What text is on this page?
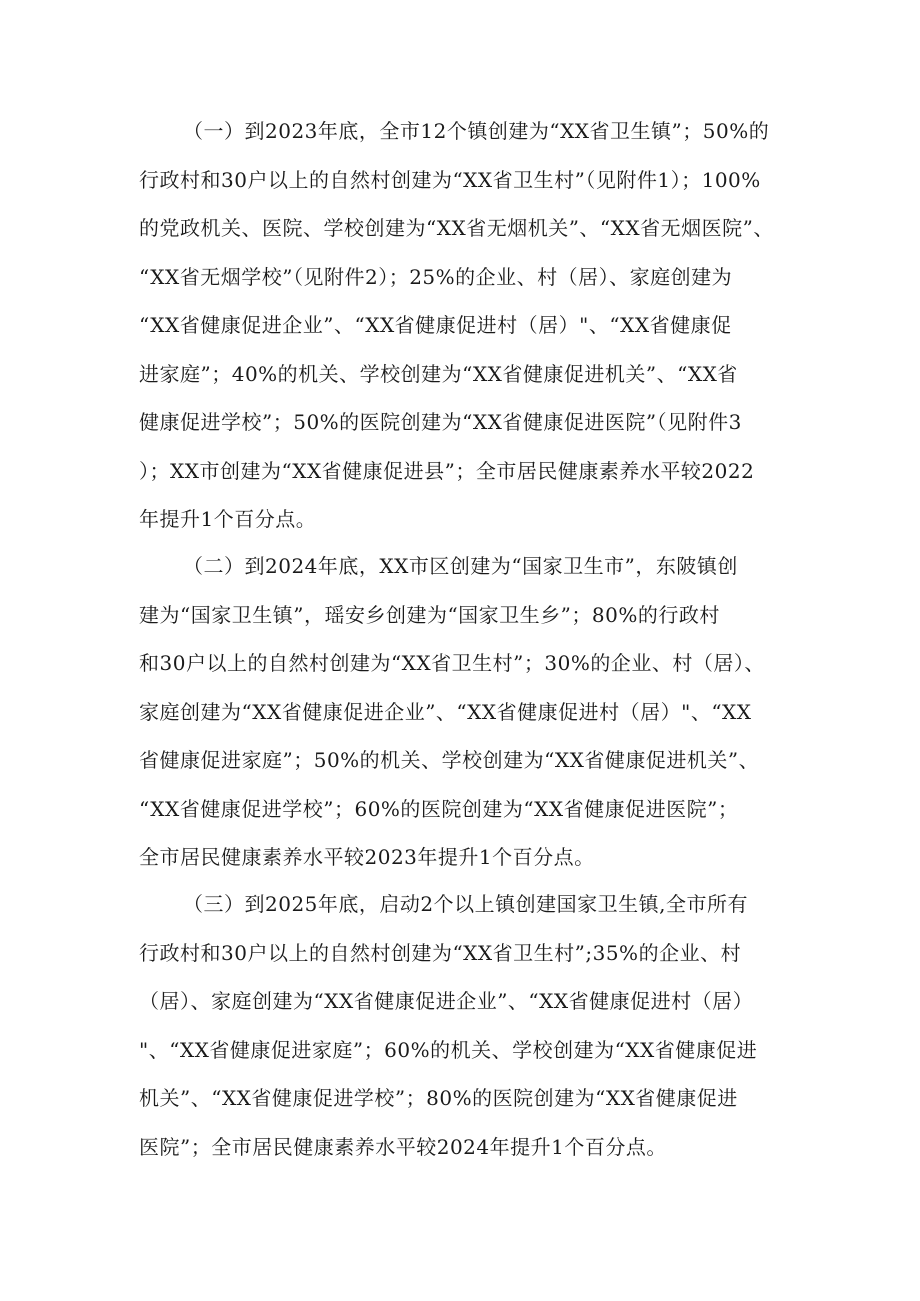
（一）到2023年底，全市12个镇创建为“XX省卫生镇”；50%的
行政村和30户以上的自然村创建为“XX省卫生村”（见附件1）；100%
的党政机关、医院、学校创建为“XX省无烟机关”、“XX省无烟医院”、
“XX省无烟学校”（见附件2）；25%的企业、村（居）、家庭创建为
“XX省健康促进企业”、“XX省健康促进村（居）"、“XX省健康促
进家庭”；40%的机关、学校创建为“XX省健康促进机关”、“XX省
健康促进学校”；50%的医院创建为“XX省健康促进医院”（见附件3
）；XX市创建为“XX省健康促进县”；全市居民健康素养水平较2022
年提升1个百分点。
（二）到2024年底，XX市区创建为“国家卫生市”，东陂镇创
建为“国家卫生镇”，瑶安乡创建为“国家卫生乡”；80%的行政村
和30户以上的自然村创建为“XX省卫生村”；30%的企业、村（居）、
家庭创建为“XX省健康促进企业”、“XX省健康促进村（居）"、“XX
省健康促进家庭”；50%的机关、学校创建为“XX省健康促进机关”、
“XX省健康促进学校”；60%的医院创建为“XX省健康促进医院”；
全市居民健康素养水平较2023年提升1个百分点。
（三）到2025年底，启动2个以上镇创建国家卫生镇,全市所有
行政村和30户以上的自然村创建为“XX省卫生村”;35%的企业、村
（居）、家庭创建为“XX省健康促进企业”、“XX省健康促进村（居）
"、“XX省健康促进家庭”；60%的机关、学校创建为“XX省健康促进
机关”、“XX省健康促进学校”；80%的医院创建为“XX省健康促进
医院”；全市居民健康素养水平较2024年提升1个百分点。
